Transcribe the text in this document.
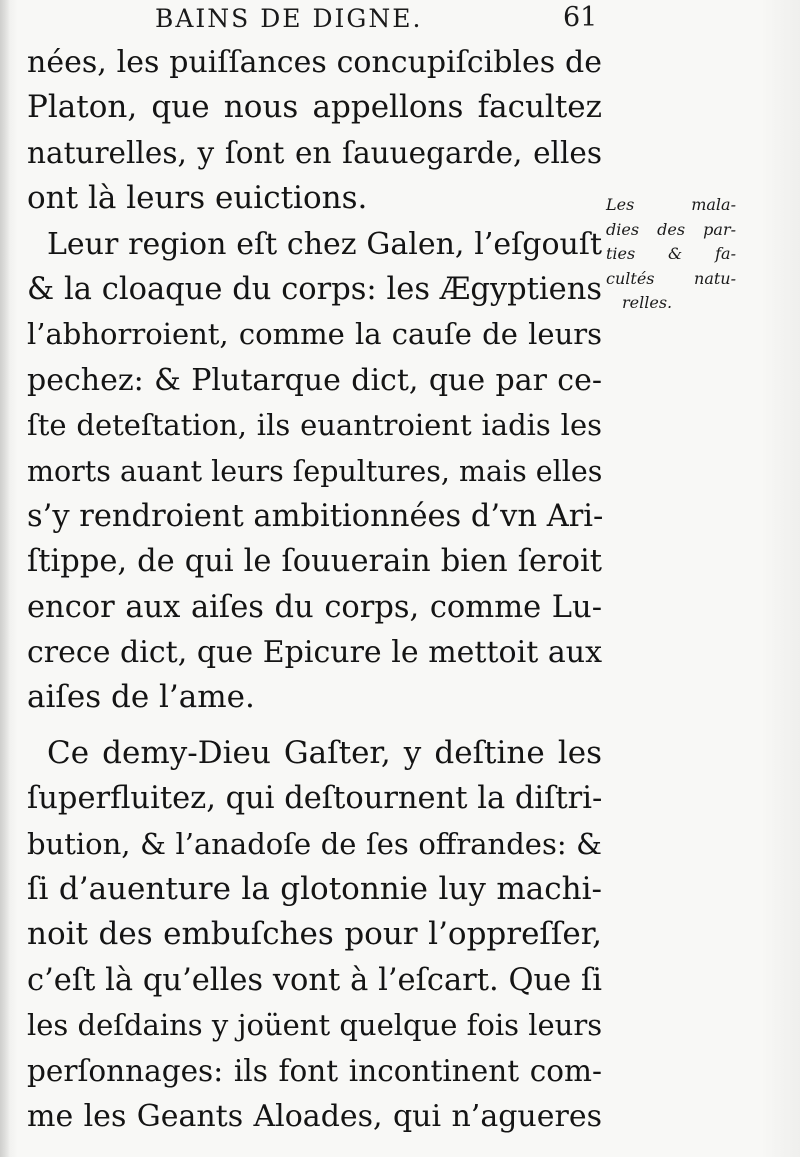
BAINS DE DIGNE.	61
nées, les puiſſances concupiſcibles de
Platon, que nous appellons facultez
naturelles, y ſont en ſauuegarde, elles
ont là leurs euictions.
Leur region eſt chez Galen, l’eſgouſt
& la cloaque du corps: les Ægyptiens
l’abhorroient, comme la cauſe de leurs
pechez: & Plutarque dict, que par ce-
ſte deteſtation, ils euantroient iadis les
morts auant leurs ſepultures, mais elles
s’y rendroient ambitionnées d’vn Ari-
ſtippe, de qui le ſouuerain bien ſeroit
encor aux aiſes du corps, comme Lu-
crece dict, que Epicure le mettoit aux
aiſes de l’ame.
Ce demy-Dieu Gaſter, y deſtine les
ſuperfluitez, qui deſtournent la diſtri-
bution, & l’anadoſe de ſes offrandes: &
ſi d’auenture la glotonnie luy machi-
noit des embuſches pour l’oppreſſer,
c’eſt là qu’elles vont à l’eſcart. Que ſi
les deſdains y joüent quelque fois leurs
perſonnages: ils font incontinent com-
me les Geants Aloades, qui n’agueres
Les mala-
dies des par-
ties & fa-
cultés natu-
relles.
